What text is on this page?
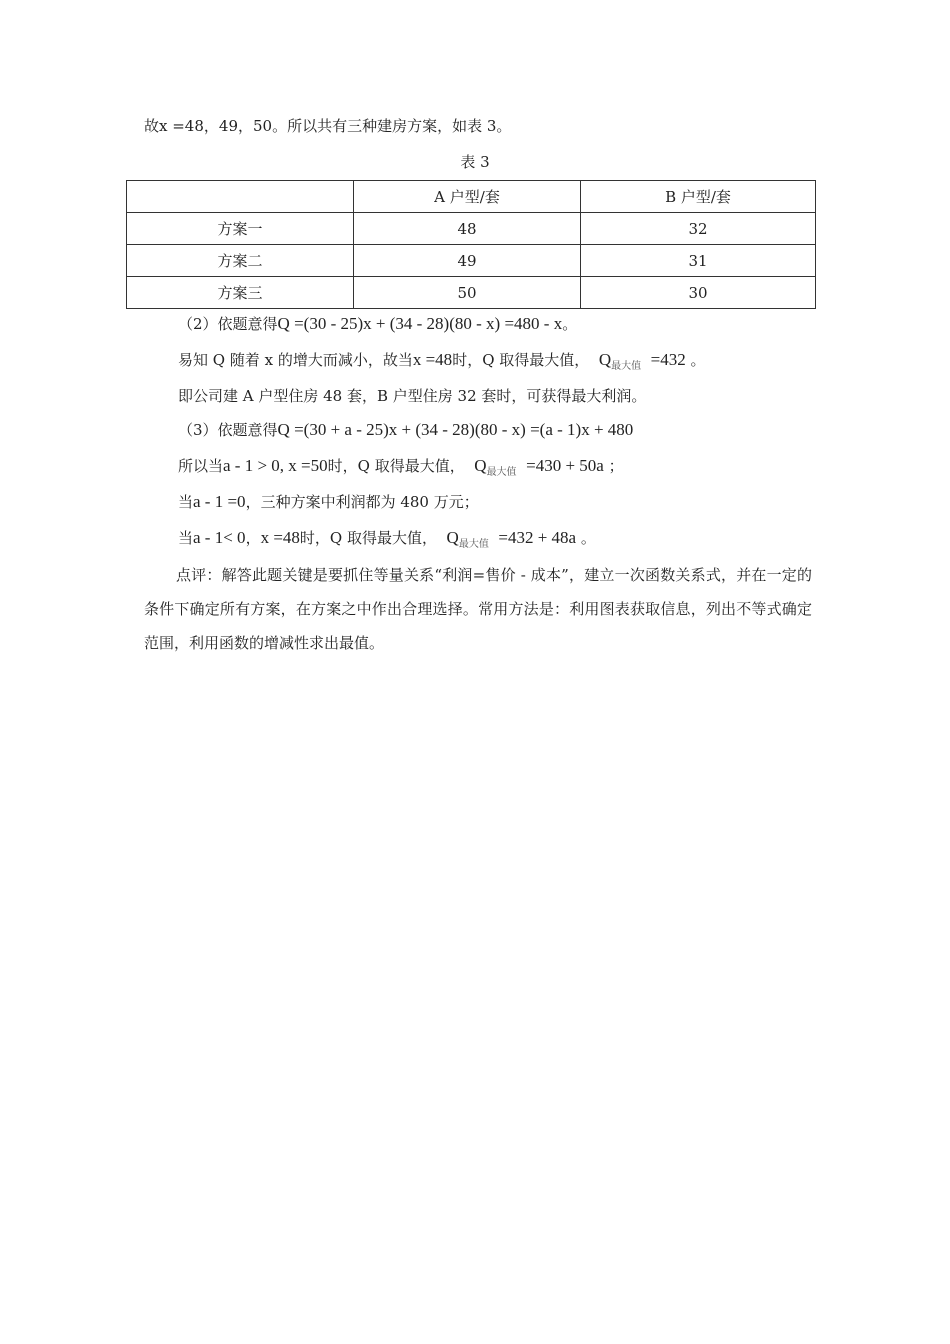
故x =48，49，50。所以共有三种建房方案，如表 3。
表 3
	A 户型/套	B 户型/套
方案一	48	32
方案二	49	31
方案三	50	30
（2）依题意得Q =(30 - 25)x + (34 - 28)(80 - x) =480 - x。
易知 Q 随着 x 的增大而减小，故当x =48时，Q 取得最大值， $Q_{最大值} =432$ 。
即公司建 A 户型住房 48 套，B 户型住房 32 套时，可获得最大利润。
（3）依题意得Q =(30 + a - 25)x + (34 - 28)(80 - x) =(a - 1)x + 480
所以当a - 1 > 0, x =50时，Q 取得最大值， $Q_{最大值} =430 + 50a$ ；
当a - 1 =0，三种方案中利润都为 480 万元；
当a - 1< 0，x =48时，Q 取得最大值， $Q_{最大值} =432 + 48a$ 。
点评：解答此题关键是要抓住等量关系“利润=售价 - 成本”，建立一次函数关系式，并在一定的条件下确定所有方案，在方案之中作出合理选择。常用方法是：利用图表获取信息，列出不等式确定范围，利用函数的增减性求出最值。
